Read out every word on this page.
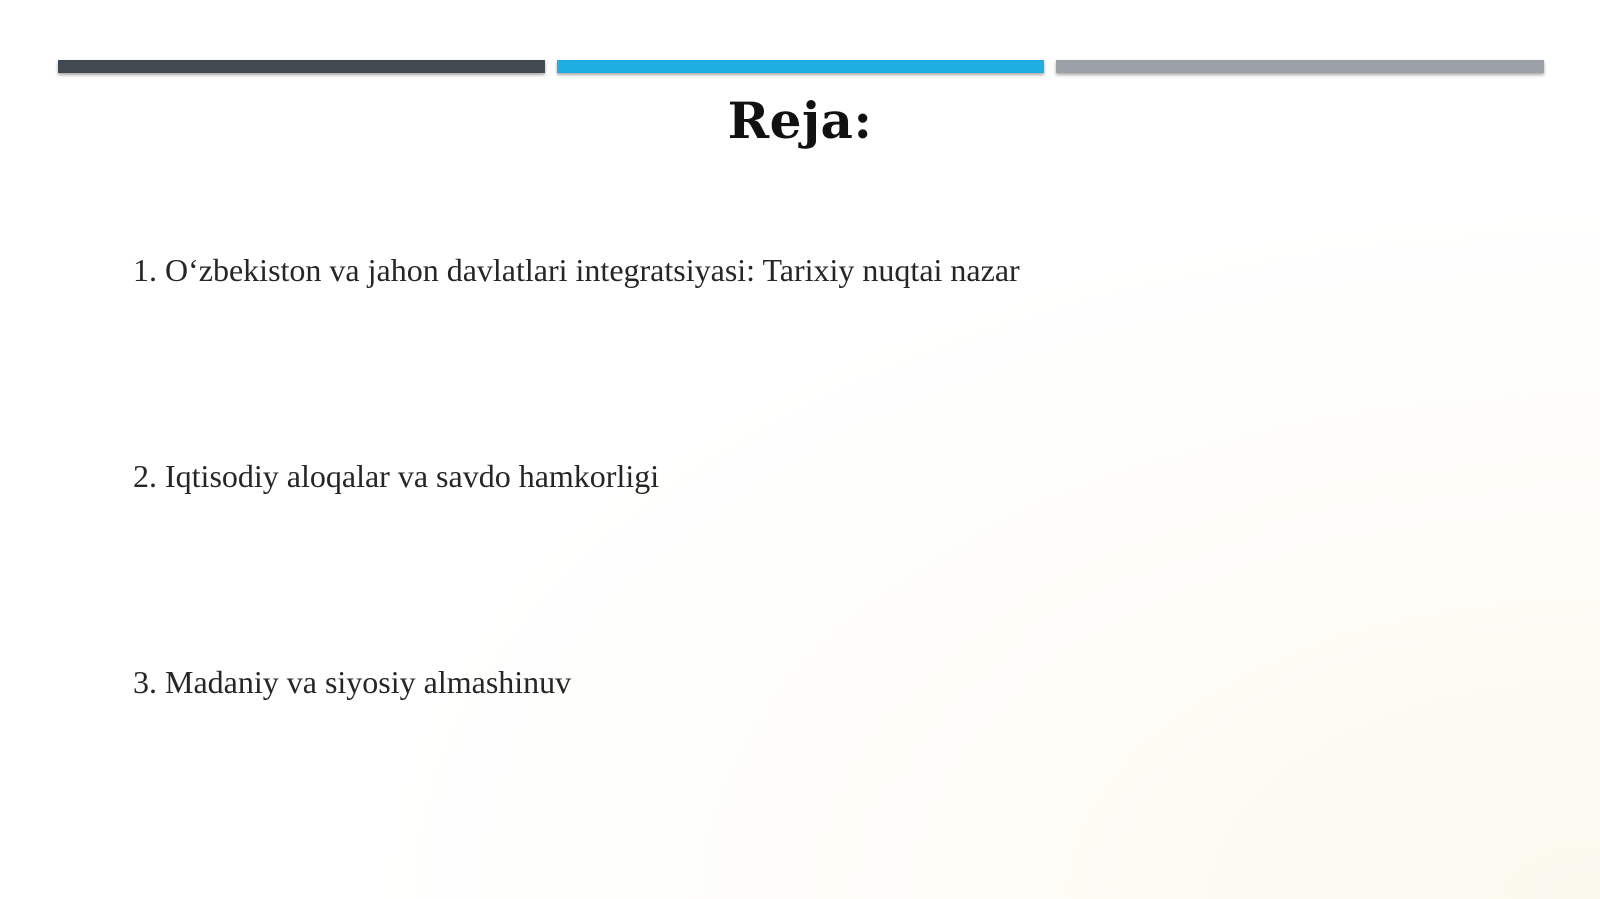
Reja:
1. O‘zbekiston va jahon davlatlari integratsiyasi: Tarixiy nuqtai nazar
2. Iqtisodiy aloqalar va savdo hamkorligi
3. Madaniy va siyosiy almashinuv
